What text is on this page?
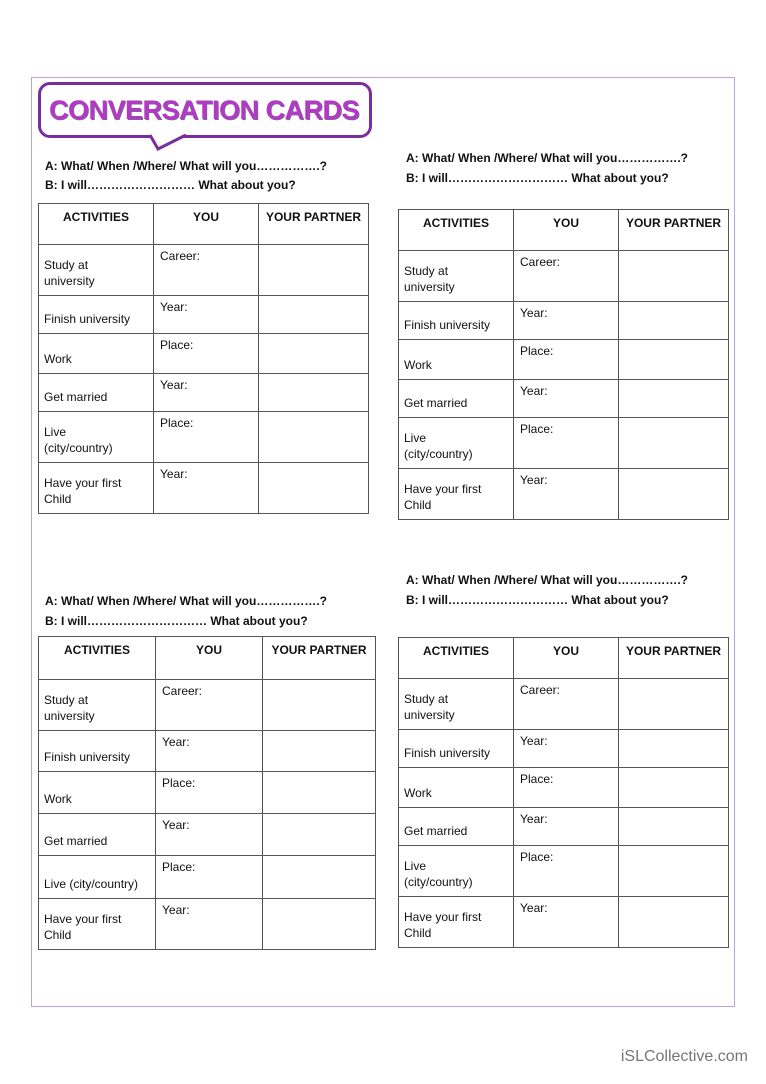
CONVERSATION CARDS
A: What/ When /Where/ What will you…………….?
B: I will……………………… What about you?
ACTIVITIES	YOU	YOUR PARTNER

Study at
university	Career:	

Finish university	Year:	

Work	Place:	

Get married	Year:	

Live
(city/country)	Place:	

Have your first
Child	Year:	

A: What/ When /Where/ What will you…………….?
B: I will………………………… What about you?
ACTIVITIES	YOU	YOUR PARTNER

Study at
university	Career:	

Finish university	Year:	

Work	Place:	

Get married	Year:	

Live
(city/country)	Place:	

Have your first
Child	Year:	

A: What/ When /Where/ What will you…………….?
B: I will………………………… What about you?
ACTIVITIES	YOU	YOUR PARTNER

Study at
university	Career:	

Finish university	Year:	

Work	Place:	

Get married	Year:	

Live (city/country)	Place:	

Have your first
Child	Year:	

A: What/ When /Where/ What will you…………….?
B: I will………………………… What about you?
ACTIVITIES	YOU	YOUR PARTNER

Study at
university	Career:	

Finish university	Year:	

Work	Place:	

Get married	Year:	

Live
(city/country)	Place:	

Have your first
Child	Year:	

iSLCollective.com
